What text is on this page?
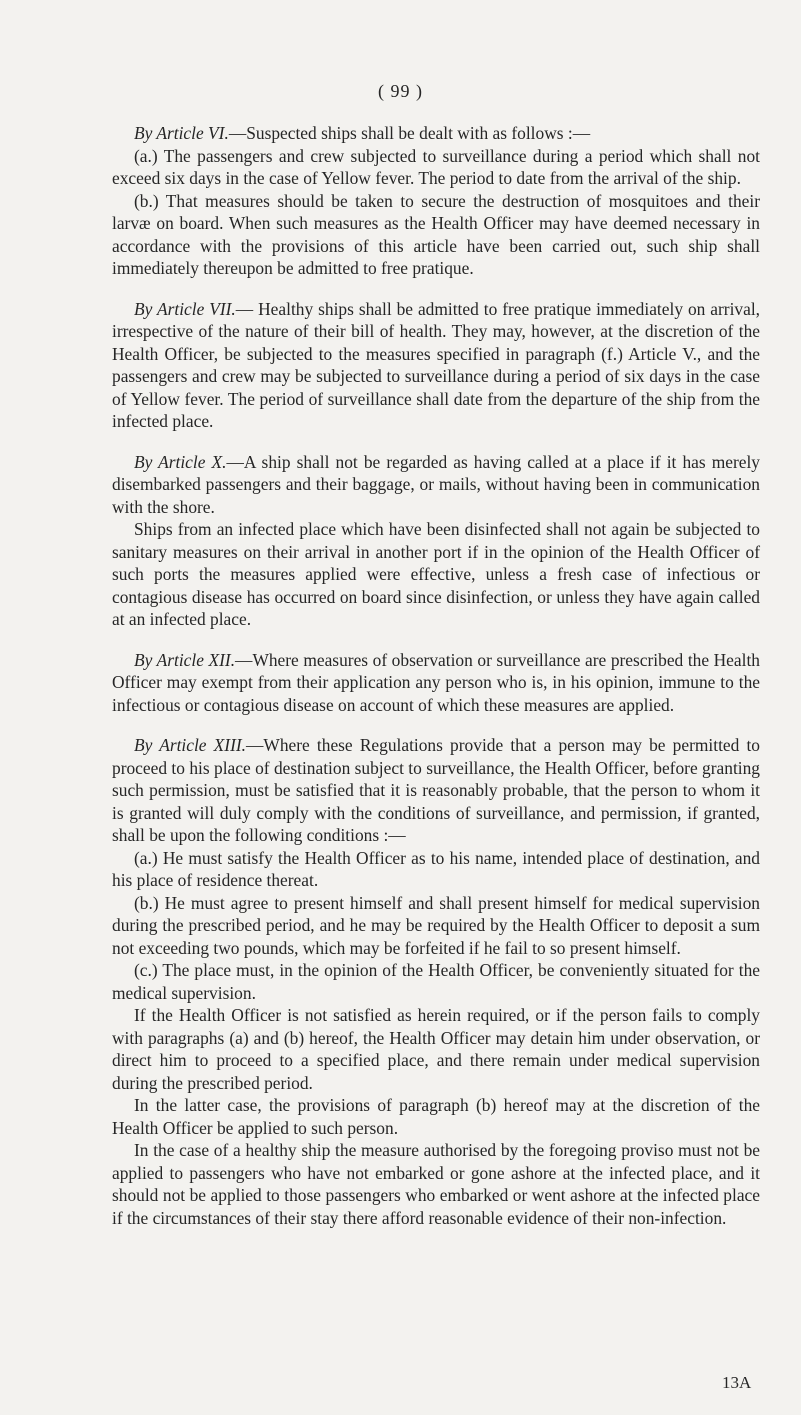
( 99 )

By Article VI.—Suspected ships shall be dealt with as follows :—

(a.) The passengers and crew subjected to surveillance during a period which shall not exceed six days in the case of Yellow fever. The period to date from the arrival of the ship.

(b.) That measures should be taken to secure the destruction of mosquitoes and their larvæ on board. When such measures as the Health Officer may have deemed necessary in accordance with the provisions of this article have been carried out, such ship shall immediately thereupon be admitted to free pratique.

By Article VII.— Healthy ships shall be admitted to free pratique immediately on arrival, irrespective of the nature of their bill of health. They may, however, at the discretion of the Health Officer, be subjected to the measures specified in paragraph (f.) Article V., and the passengers and crew may be subjected to surveillance during a period of six days in the case of Yellow fever. The period of surveillance shall date from the departure of the ship from the infected place.

By Article X.—A ship shall not be regarded as having called at a place if it has merely disembarked passengers and their baggage, or mails, without having been in communication with the shore.

Ships from an infected place which have been disinfected shall not again be subjected to sanitary measures on their arrival in another port if in the opinion of the Health Officer of such ports the measures applied were effective, unless a fresh case of infectious or contagious disease has occurred on board since disinfection, or unless they have again called at an infected place.

By Article XII.—Where measures of observation or surveillance are prescribed the Health Officer may exempt from their application any person who is, in his opinion, immune to the infectious or contagious disease on account of which these measures are applied.

By Article XIII.—Where these Regulations provide that a person may be permitted to proceed to his place of destination subject to surveillance, the Health Officer, before granting such permission, must be satisfied that it is reasonably probable, that the person to whom it is granted will duly comply with the conditions of surveillance, and permission, if granted, shall be upon the following conditions :—

(a.) He must satisfy the Health Officer as to his name, intended place of destination, and his place of residence thereat.

(b.) He must agree to present himself and shall present himself for medical supervision during the prescribed period, and he may be required by the Health Officer to deposit a sum not exceeding two pounds, which may be forfeited if he fail to so present himself.

(c.) The place must, in the opinion of the Health Officer, be conveniently situated for the medical supervision.

If the Health Officer is not satisfied as herein required, or if the person fails to comply with paragraphs (a) and (b) hereof, the Health Officer may detain him under observation, or direct him to proceed to a specified place, and there remain under medical supervision during the prescribed period.

In the latter case, the provisions of paragraph (b) hereof may at the discretion of the Health Officer be applied to such person.

In the case of a healthy ship the measure authorised by the foregoing proviso must not be applied to passengers who have not embarked or gone ashore at the infected place, and it should not be applied to those passengers who embarked or went ashore at the infected place if the circumstances of their stay there afford reasonable evidence of their non-infection.

13A
